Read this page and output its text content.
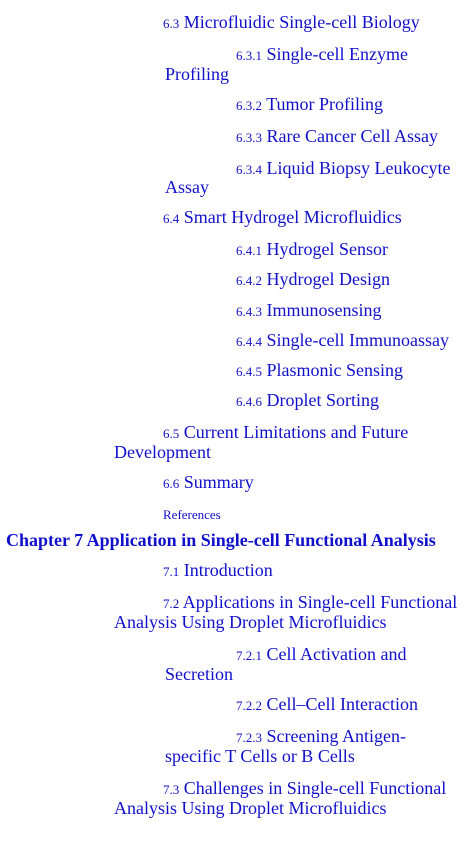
6.3 Microfluidic Single-cell Biology
6.3.1 Single-cell Enzyme
Profiling
6.3.2 Tumor Profiling
6.3.3 Rare Cancer Cell Assay
6.3.4 Liquid Biopsy Leukocyte
Assay
6.4 Smart Hydrogel Microfluidics
6.4.1 Hydrogel Sensor
6.4.2 Hydrogel Design
6.4.3 Immunosensing
6.4.4 Single-cell Immunoassay
6.4.5 Plasmonic Sensing
6.4.6 Droplet Sorting
6.5 Current Limitations and Future
Development
6.6 Summary
References
Chapter 7 Application in Single-cell Functional Analysis
7.1 Introduction
7.2 Applications in Single-cell Functional
Analysis Using Droplet Microfluidics
7.2.1 Cell Activation and
Secretion
7.2.2 Cell–Cell Interaction
7.2.3 Screening Antigen-
specific T Cells or B Cells
7.3 Challenges in Single-cell Functional
Analysis Using Droplet Microfluidics
